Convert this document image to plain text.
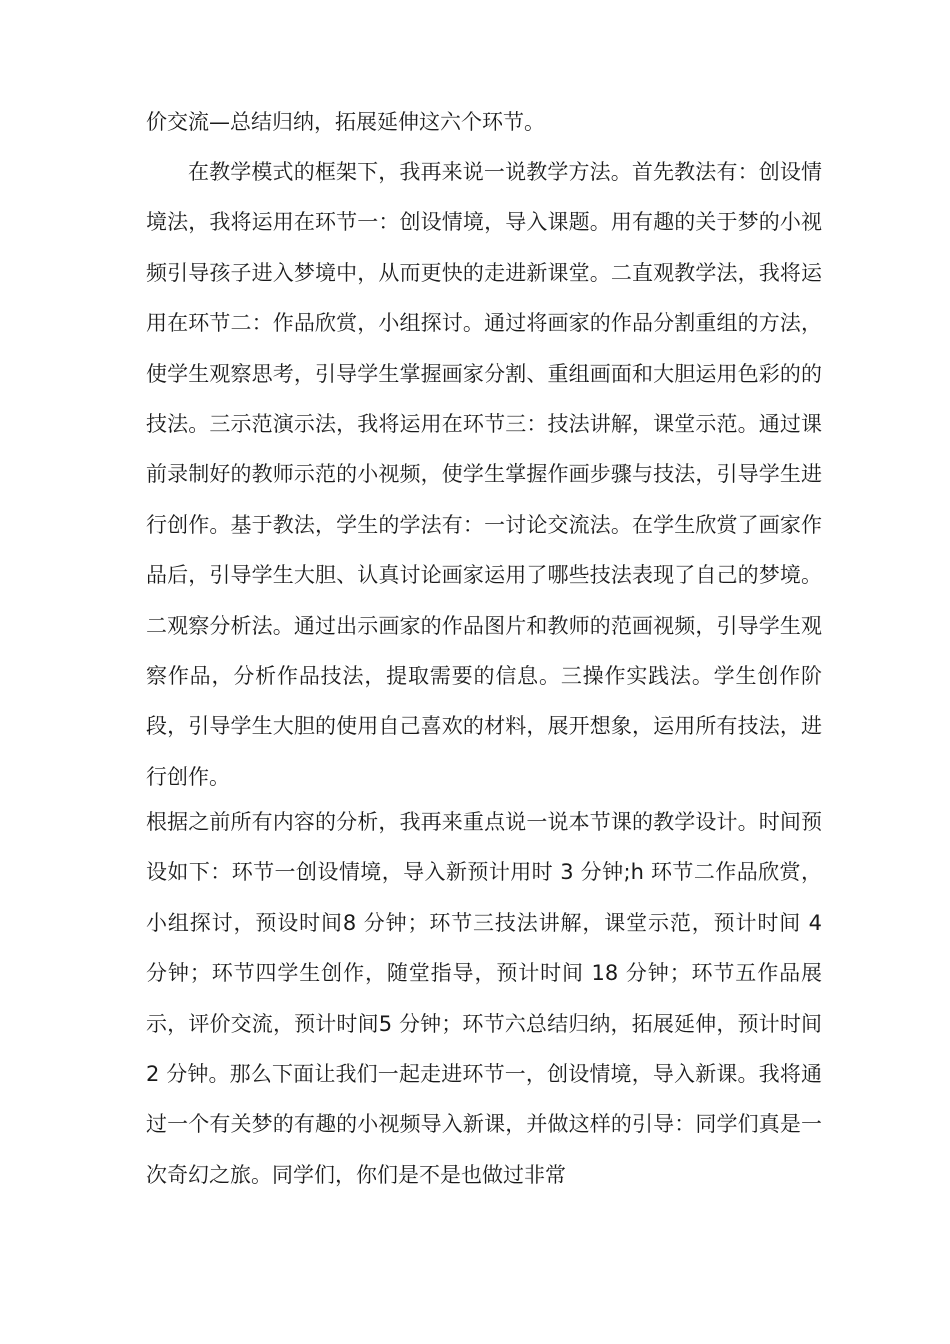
价交流—总结归纳，拓展延伸这六个环节。

在教学模式的框架下，我再来说一说教学方法。首先教法有：创设情境法，我将运用在环节一：创设情境，导入课题。用有趣的关于梦的小视频引导孩子进入梦境中，从而更快的走进新课堂。二直观教学法，我将运用在环节二：作品欣赏，小组探讨。通过将画家的作品分割重组的方法，使学生观察思考，引导学生掌握画家分割、重组画面和大胆运用色彩的的技法。三示范演示法，我将运用在环节三：技法讲解，课堂示范。通过课前录制好的教师示范的小视频，使学生掌握作画步骤与技法，引导学生进行创作。基于教法，学生的学法有：一讨论交流法。在学生欣赏了画家作品后，引导学生大胆、认真讨论画家运用了哪些技法表现了自己的梦境。二观察分析法。通过出示画家的作品图片和教师的范画视频，引导学生观察作品，分析作品技法，提取需要的信息。三操作实践法。学生创作阶段，引导学生大胆的使用自己喜欢的材料，展开想象，运用所有技法，进行创作。

根据之前所有内容的分析，我再来重点说一说本节课的教学设计。时间预设如下：环节一创设情境，导入新预计用时 3 分钟;h 环节二作品欣赏，小组探讨，预设时间8 分钟；环节三技法讲解，课堂示范，预计时间 4 分钟；环节四学生创作，随堂指导，预计时间 18 分钟；环节五作品展示，评价交流，预计时间5 分钟；环节六总结归纳，拓展延伸，预计时间 2 分钟。那么下面让我们一起走进环节一，创设情境，导入新课。我将通过一个有关梦的有趣的小视频导入新课，并做这样的引导：同学们真是一次奇幻之旅。同学们，你们是不是也做过非常
